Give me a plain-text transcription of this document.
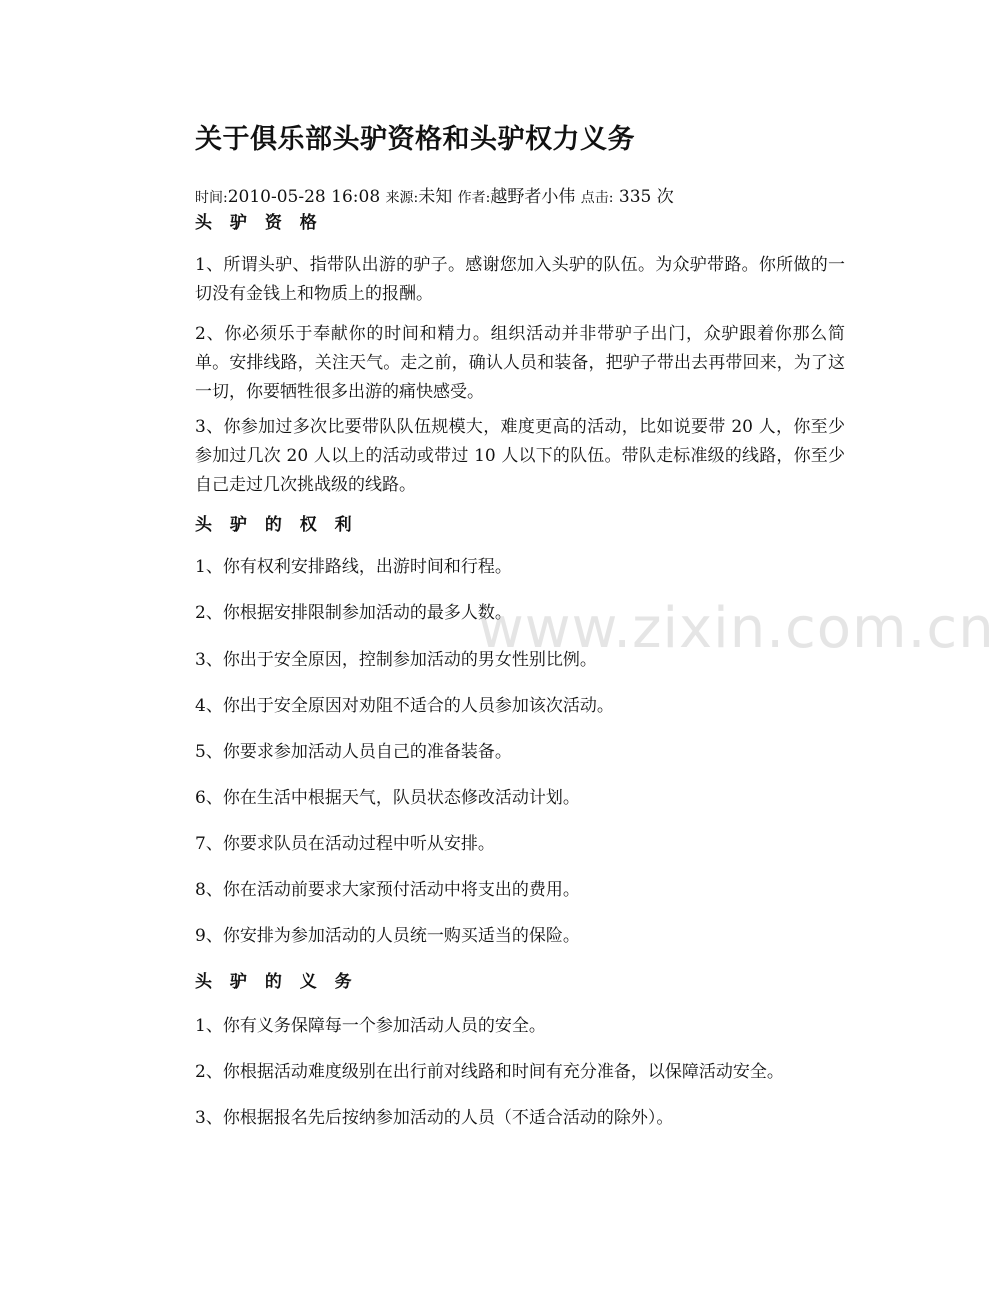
关于俱乐部头驴资格和头驴权力义务
时间:2010-05-28 16:08 来源:未知 作者:越野者小伟 点击: 335 次
头 驴 资 格

1、所谓头驴、指带队出游的驴子。感谢您加入头驴的队伍。为众驴带路。你所做的一切没有金钱上和物质上的报酬。

2、你必须乐于奉献你的时间和精力。组织活动并非带驴子出门，众驴跟着你那么简单。安排线路，关注天气。走之前，确认人员和装备，把驴子带出去再带回来，为了这一切，你要牺牲很多出游的痛快感受。

3、你参加过多次比要带队队伍规模大，难度更高的活动，比如说要带 20 人，你至少参加过几次 20 人以上的活动或带过 10 人以下的队伍。带队走标准级的线路，你至少自己走过几次挑战级的线路。

头 驴 的 权 利

1、你有权利安排路线，出游时间和行程。

2、你根据安排限制参加活动的最多人数。

3、你出于安全原因，控制参加活动的男女性别比例。

4、你出于安全原因对劝阻不适合的人员参加该次活动。

5、你要求参加活动人员自己的准备装备。

6、你在生活中根据天气，队员状态修改活动计划。

7、你要求队员在活动过程中听从安排。

8、你在活动前要求大家预付活动中将支出的费用。

9、你安排为参加活动的人员统一购买适当的保险。

头 驴 的 义 务

1、你有义务保障每一个参加活动人员的安全。

2、你根据活动难度级别在出行前对线路和时间有充分准备，以保障活动安全。

3、你根据报名先后按纳参加活动的人员（不适合活动的除外）。

www.zixin.com.cn
